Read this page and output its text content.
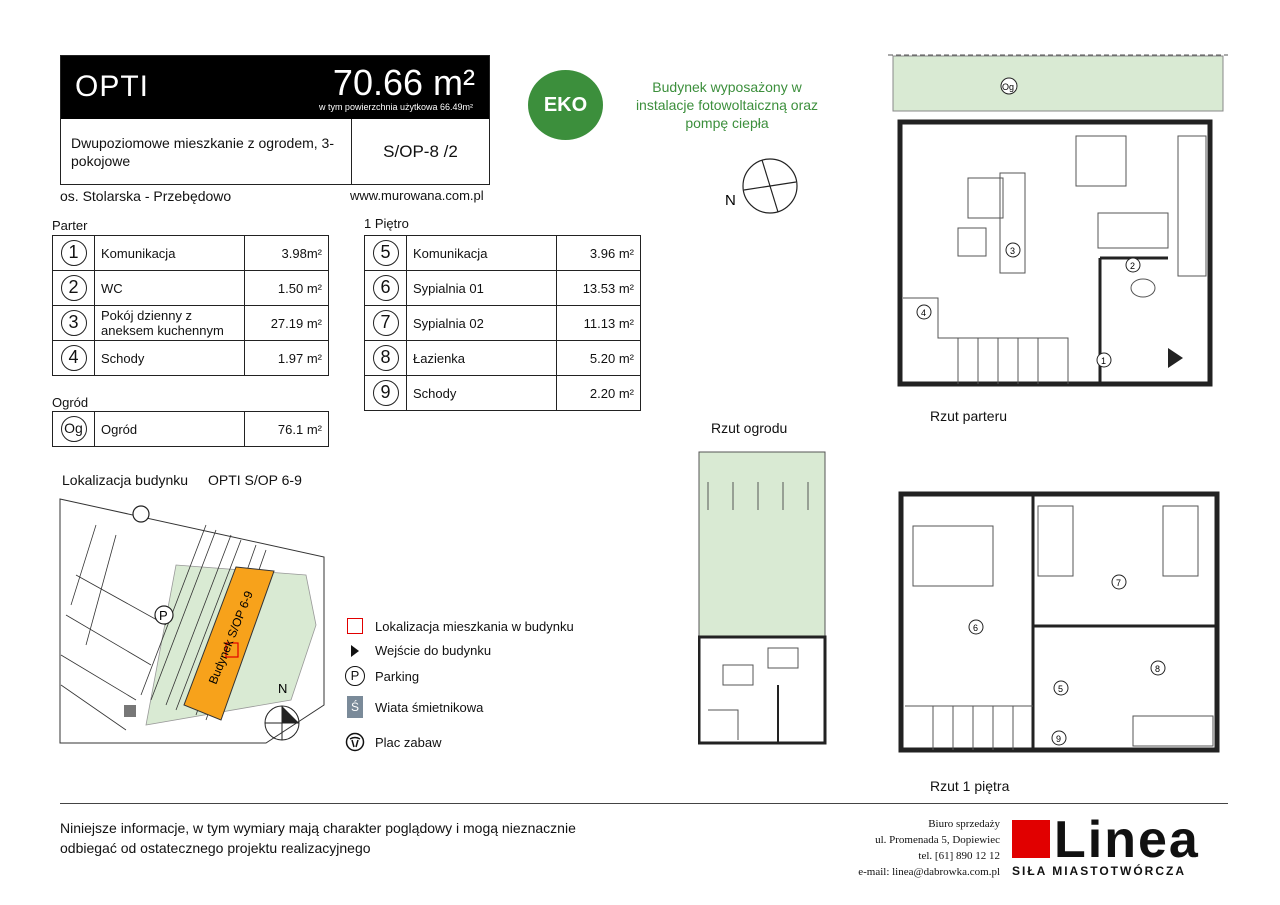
OPTI	70.66 m²
w tym powierzchnia użytkowa 66.49m²
Dwupoziomowe mieszkanie z ogrodem, 3-pokojowe
S/OP-8 /2
os. Stolarska - Przebędowo	www.murowana.com.pl
EKO
Budynek wyposażony w instalacje fotowoltaiczną oraz pompę ciepła
N
Parter
1	Komunikacja	3.98m²
2	WC	1.50 m²
3	Pokój dzienny z aneksem kuchennym	27.19 m²
4	Schody	1.97 m²
Ogród
Og	Ogród	76.1 m²
1 Piętro
5	Komunikacja	3.96 m²
6	Sypialnia 01	13.53 m²
7	Sypialnia 02	11.13 m²
8	Łazienka	5.20 m²
9	Schody	2.20 m²
Lokalizacja budynku OPTI S/OP 6-9
Budynek S/OP 6-9
P
N
Lokalizacja mieszkania w budynku
Wejście do budynku
P	Parking
Ś	Wiata śmietnikowa
Plac zabaw
Rzut ogrodu
Og
1
2
3
4
Rzut parteru
5
6
7
8
9
Rzut 1 piętra
Niniejsze informacje, w tym wymiary mają charakter poglądowy i mogą nieznacznie odbiegać od ostatecznego projektu realizacyjnego
Biuro sprzedaży
ul. Promenada 5, Dopiewiec
tel. [61] 890 12 12
e-mail: linea@dabrowka.com.pl
Linea
SIŁA MIASTOTWÓRCZA
